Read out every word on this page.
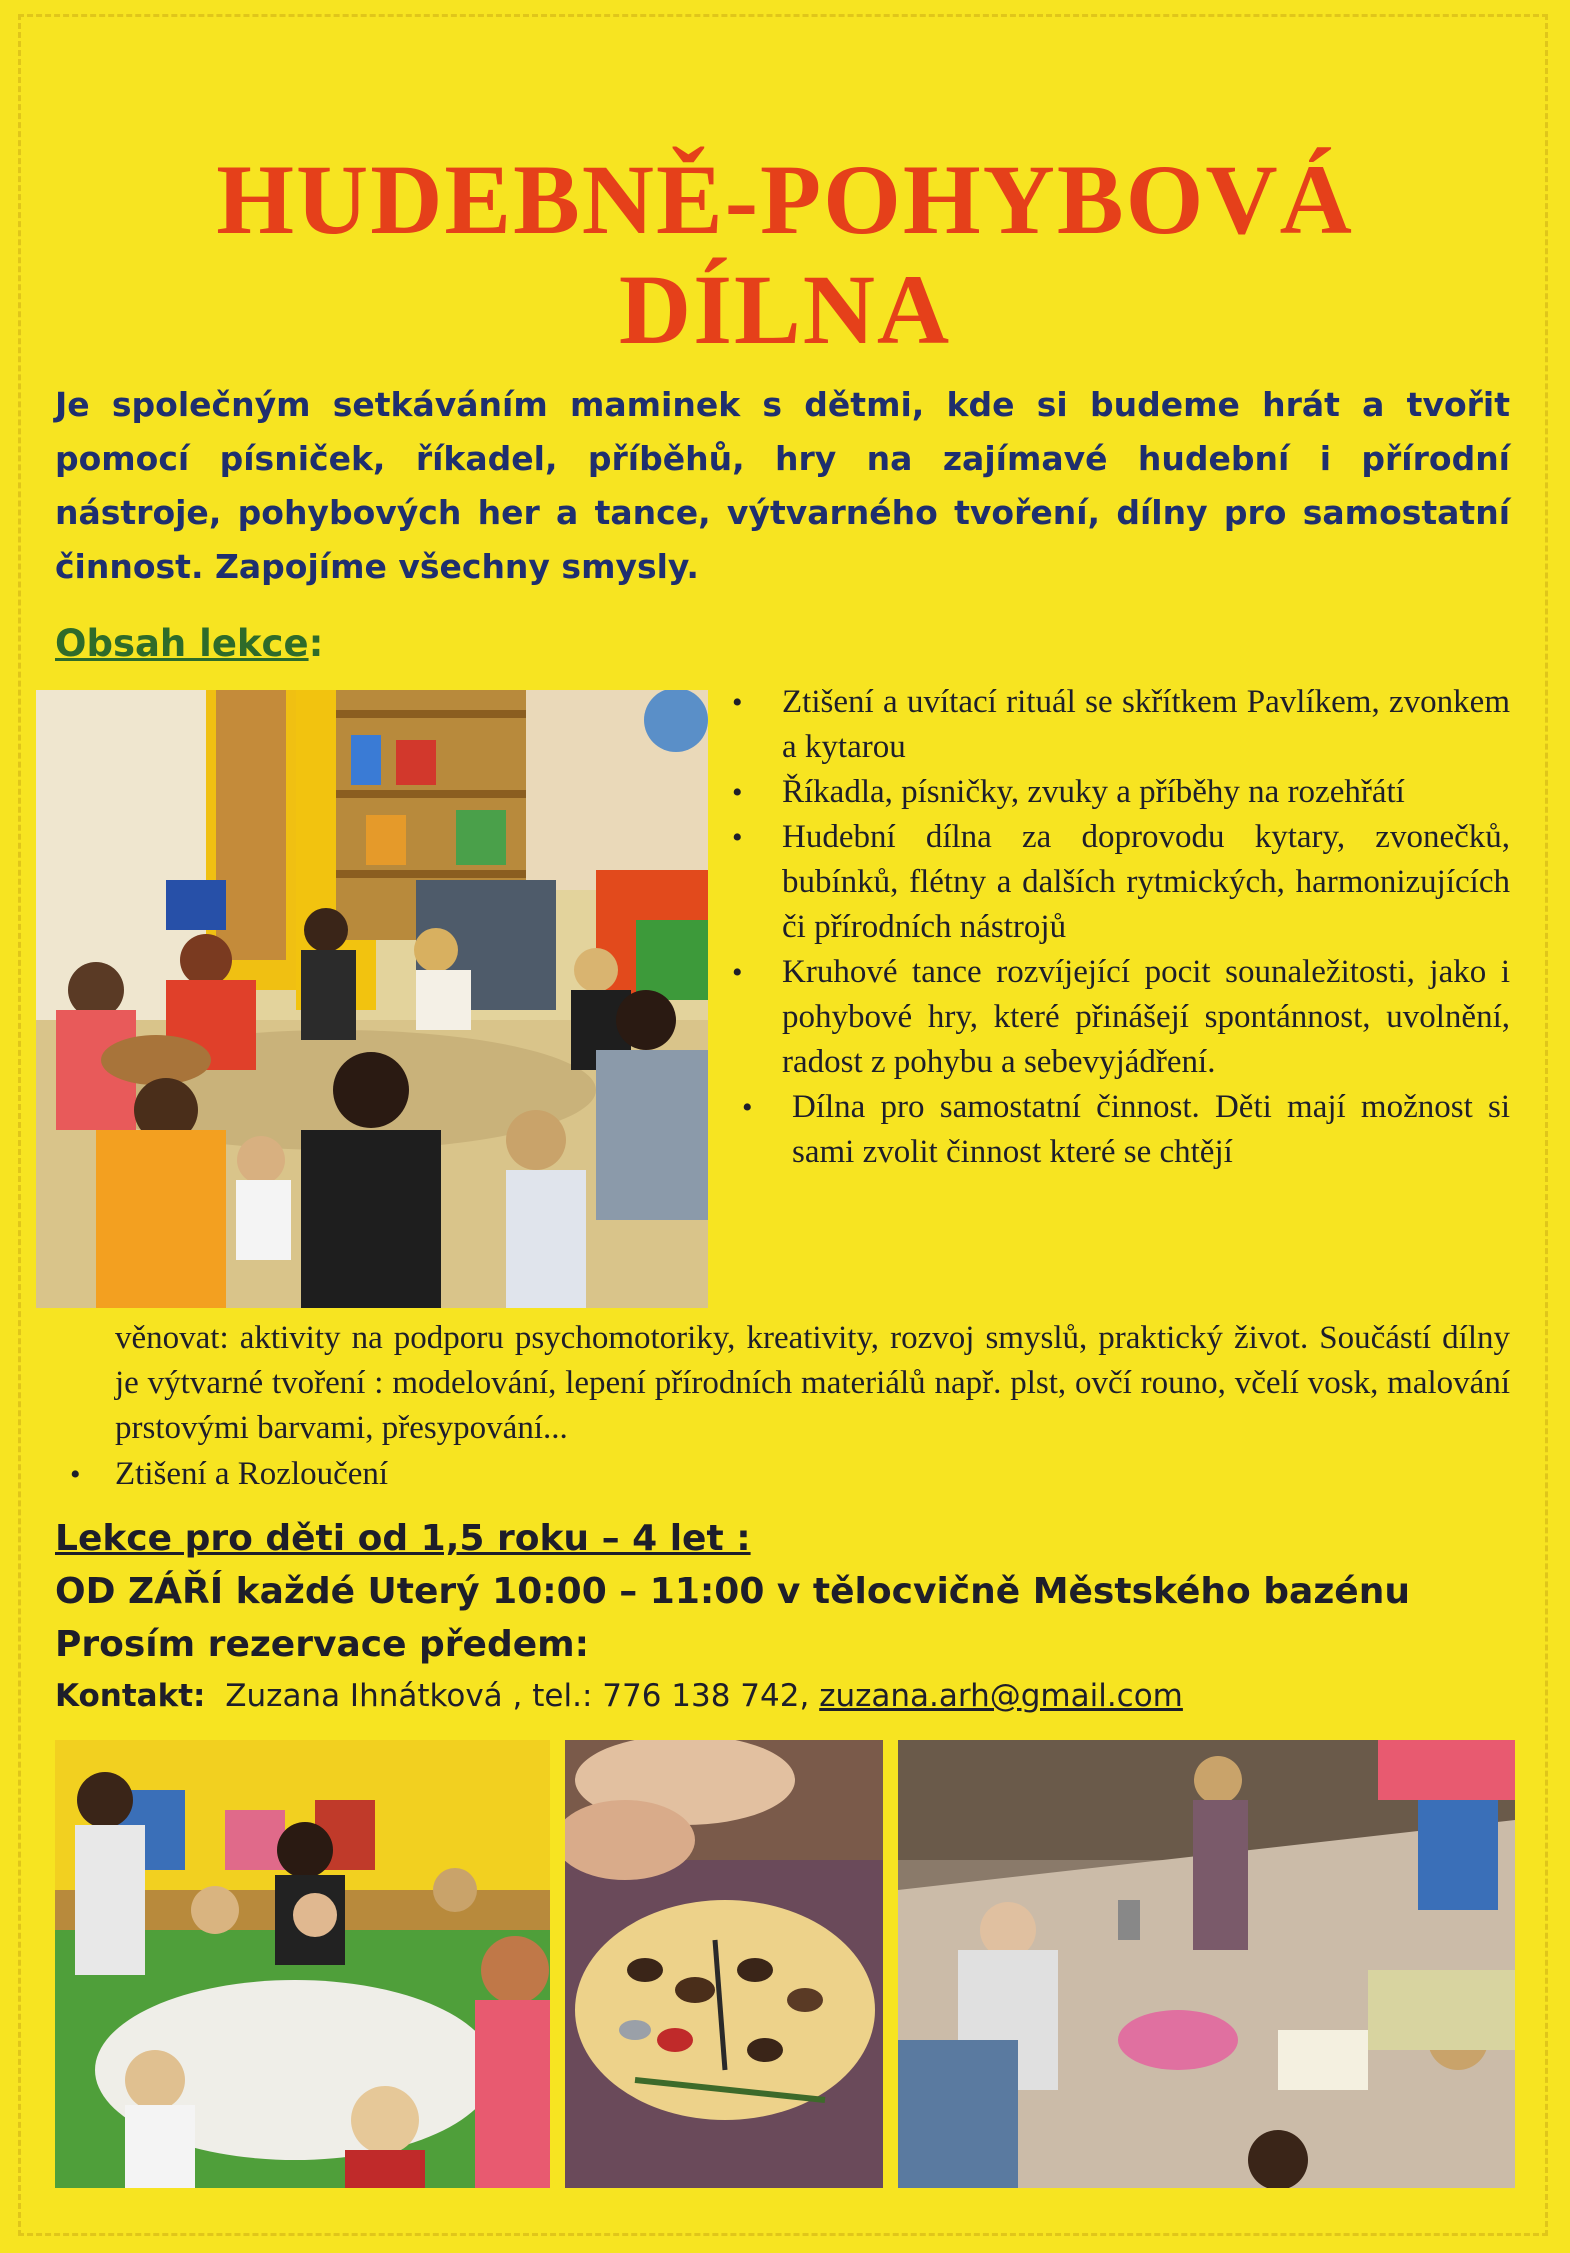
HUDEBNĚ-POHYBOVÁ
DÍLNA
Je společným setkáváním maminek s dětmi, kde si budeme hrát a tvořit pomocí písniček, říkadel, příběhů, hry na zajímavé hudební i přírodní nástroje, pohybových her a tance, výtvarného tvoření, dílny pro samostatní činnost. Zapojíme všechny smysly.
Obsah lekce:
• Ztišení a uvítací rituál se skřítkem Pavlíkem, zvonkem a kytarou
• Říkadla, písničky, zvuky a příběhy na rozehřátí
• Hudební dílna za doprovodu kytary, zvonečků, bubínků, flétny a dalších rytmických, harmonizujících či přírodních nástrojů
• Kruhové tance rozvíjející pocit sounaležitosti, jako i pohybové hry, které přinášejí spontánnost, uvolnění, radost z pohybu a sebevyjádření.
• Dílna pro samostatní činnost. Děti mají možnost si sami zvolit činnost které se chtějí
věnovat: aktivity na podporu psychomotoriky, kreativity, rozvoj smyslů, praktický život. Součástí dílny je výtvarné tvoření : modelování, lepení přírodních materiálů např. plst, ovčí rouno, včelí vosk, malování prstovými barvami, přesypování...
• Ztišení a Rozloučení
Lekce pro děti od 1,5 roku – 4 let :
OD ZÁŘÍ každé Uterý 10:00 – 11:00 v tělocvičně Městského bazénu
Prosím rezervace předem:
Kontakt: Zuzana Ihnátková , tel.: 776 138 742, zuzana.arh@gmail.com
